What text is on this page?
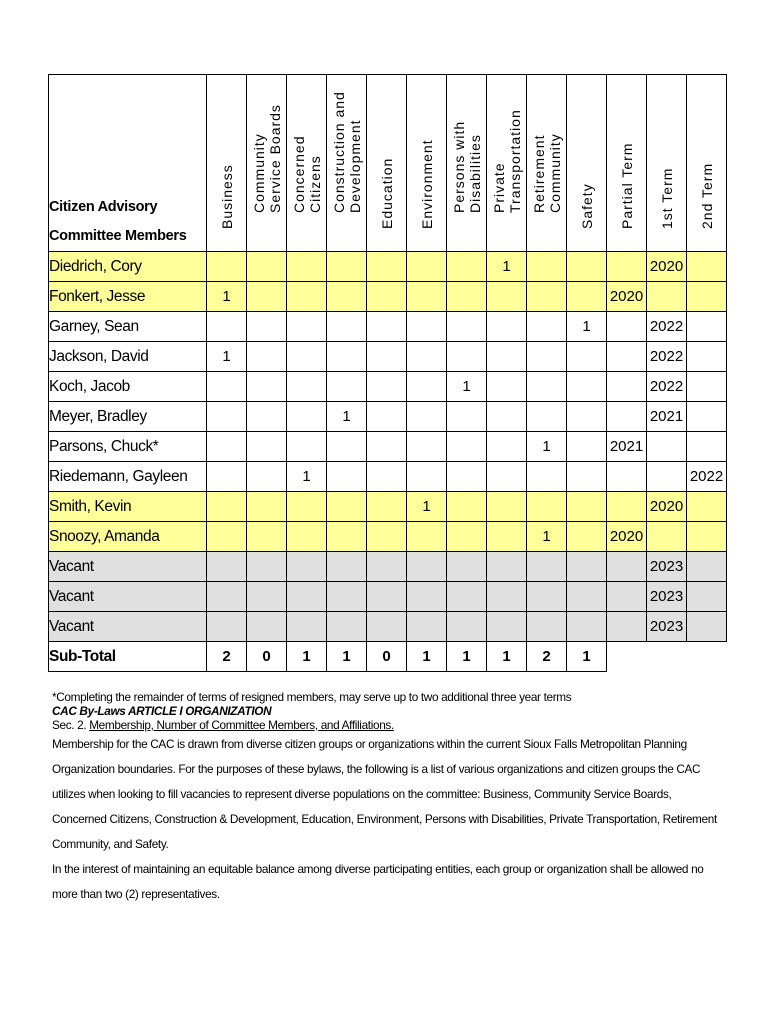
Citizen Advisory
Committee Members	Business	Community Service Boards	Concerned Citizens	Construction and Development	Education	Environment	Persons with Disabilities	Private Transportation	Retirement Community	Safety	Partial Term	1st Term	2nd Term

Diedrich, Cory								1				2020	
Fonkert, Jesse	1										2020		
Garney, Sean										1		2022	
Jackson, David	1											2022	
Koch, Jacob							1					2022	
Meyer, Bradley				1								2021	
Parsons, Chuck*									1		2021		
Riedemann, Gayleen			1										2022
Smith, Kevin						1						2020	
Snoozy, Amanda									1		2020		
Vacant												2023	
Vacant												2023	
Vacant												2023	
Sub-Total	2	0	1	1	0	1	1	1	2	1			

*Completing the remainder of terms of resigned members, may serve up to two additional three year terms

CAC By-Laws ARTICLE I ORGANIZATION

Sec. 2. Membership, Number of Committee Members, and Affiliations.

Membership for the CAC is drawn from diverse citizen groups or organizations within the current Sioux Falls Metropolitan Planning Organization boundaries. For the purposes of these bylaws, the following is a list of various organizations and citizen groups the CAC utilizes when looking to fill vacancies to represent diverse populations on the committee: Business, Community Service Boards, Concerned Citizens, Construction & Development, Education, Environment, Persons with Disabilities, Private Transportation, Retirement Community, and Safety.

In the interest of maintaining an equitable balance among diverse participating entities, each group or organization shall be allowed no more than two (2) representatives.
